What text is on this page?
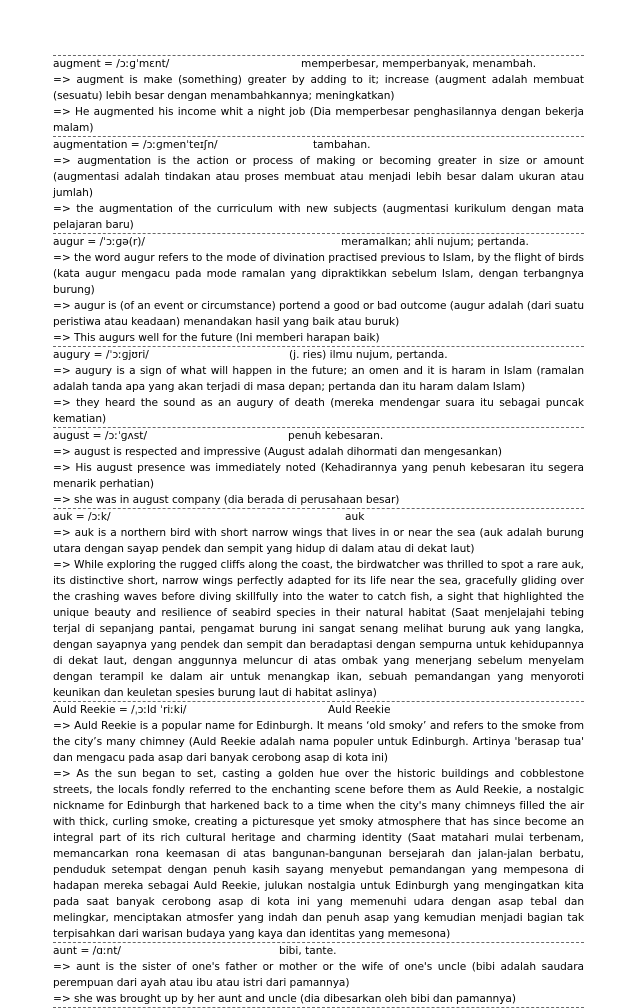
augment = /ɔːɡˈmɛnt/	memperbesar, memperbanyak, menambah.
=> augment is make (something) greater by adding to it; increase (augment adalah membuat (sesuatu) lebih besar dengan menambahkannya; meningkatkan)
=> He augmented his income whit a night job (Dia memperbesar penghasilannya dengan bekerja malam)
augmentation = /ɔːɡmenˈteɪʃn/	tambahan.
=> augmentation is the action or process of making or becoming greater in size or amount (augmentasi adalah tindakan atau proses membuat atau menjadi lebih besar dalam ukuran atau jumlah)
=> the augmentation of the curriculum with new subjects (augmentasi kurikulum dengan mata pelajaran baru)
augur = /ˈɔːɡə(r)/	meramalkan; ahli nujum; pertanda.
=> the word augur refers to the mode of divination practised previous to Islam, by the flight of birds (kata augur mengacu pada mode ramalan yang dipraktikkan sebelum Islam, dengan terbangnya burung)
=> augur is (of an event or circumstance) portend a good or bad outcome (augur adalah (dari suatu peristiwa atau keadaan) menandakan hasil yang baik atau buruk)
=> This augurs well for the future (Ini memberi harapan baik)
augury = /ˈɔːɡjʊri/	(j. ries) ilmu nujum, pertanda.
=> augury is a sign of what will happen in the future; an omen and it is haram in Islam (ramalan adalah tanda apa yang akan terjadi di masa depan; pertanda dan itu haram dalam Islam)
=> they heard the sound as an augury of death (mereka mendengar suara itu sebagai puncak kematian)
august = /ɔːˈɡʌst/	penuh kebesaran.
=> august is respected and impressive (August adalah dihormati dan mengesankan)
=> His august presence was immediately noted (Kehadirannya yang penuh kebesaran itu segera menarik perhatian)
=> she was in august company (dia berada di perusahaan besar)
auk = /ɔːk/	auk
=> auk is a northern bird with short narrow wings that lives in or near the sea (auk adalah burung utara dengan sayap pendek dan sempit yang hidup di dalam atau di dekat laut)
=> While exploring the rugged cliffs along the coast, the birdwatcher was thrilled to spot a rare auk, its distinctive short, narrow wings perfectly adapted for its life near the sea, gracefully gliding over the crashing waves before diving skillfully into the water to catch fish, a sight that highlighted the unique beauty and resilience of seabird species in their natural habitat (Saat menjelajahi tebing terjal di sepanjang pantai, pengamat burung ini sangat senang melihat burung auk yang langka, dengan sayapnya yang pendek dan sempit dan beradaptasi dengan sempurna untuk kehidupannya di dekat laut, dengan anggunnya meluncur di atas ombak yang menerjang sebelum menyelam dengan terampil ke dalam air untuk menangkap ikan, sebuah pemandangan yang menyoroti keunikan dan keuletan spesies burung laut di habitat aslinya)
Auld Reekie = /ˌɔːld ˈriːki/	Auld Reekie
=> Auld Reekie is a popular name for Edinburgh. It means ‘old smoky’ and refers to the smoke from the city’s many chimney (Auld Reekie adalah nama populer untuk Edinburgh. Artinya 'berasap tua' dan mengacu pada asap dari banyak cerobong asap di kota ini)
=> As the sun began to set, casting a golden hue over the historic buildings and cobblestone streets, the locals fondly referred to the enchanting scene before them as Auld Reekie, a nostalgic nickname for Edinburgh that harkened back to a time when the city's many chimneys filled the air with thick, curling smoke, creating a picturesque yet smoky atmosphere that has since become an integral part of its rich cultural heritage and charming identity (Saat matahari mulai terbenam, memancarkan rona keemasan di atas bangunan-bangunan bersejarah dan jalan-jalan berbatu, penduduk setempat dengan penuh kasih sayang menyebut pemandangan yang mempesona di hadapan mereka sebagai Auld Reekie, julukan nostalgia untuk Edinburgh yang mengingatkan kita pada saat banyak cerobong asap di kota ini yang memenuhi udara dengan asap tebal dan melingkar, menciptakan atmosfer yang indah dan penuh asap yang kemudian menjadi bagian tak terpisahkan dari warisan budaya yang kaya dan identitas yang memesona)
aunt = /ɑːnt/	bibi, tante.
=> aunt is the sister of one's father or mother or the wife of one's uncle (bibi adalah saudara perempuan dari ayah atau ibu atau istri dari pamannya)
=> she was brought up by her aunt and uncle (dia dibesarkan oleh bibi dan pamannya)
